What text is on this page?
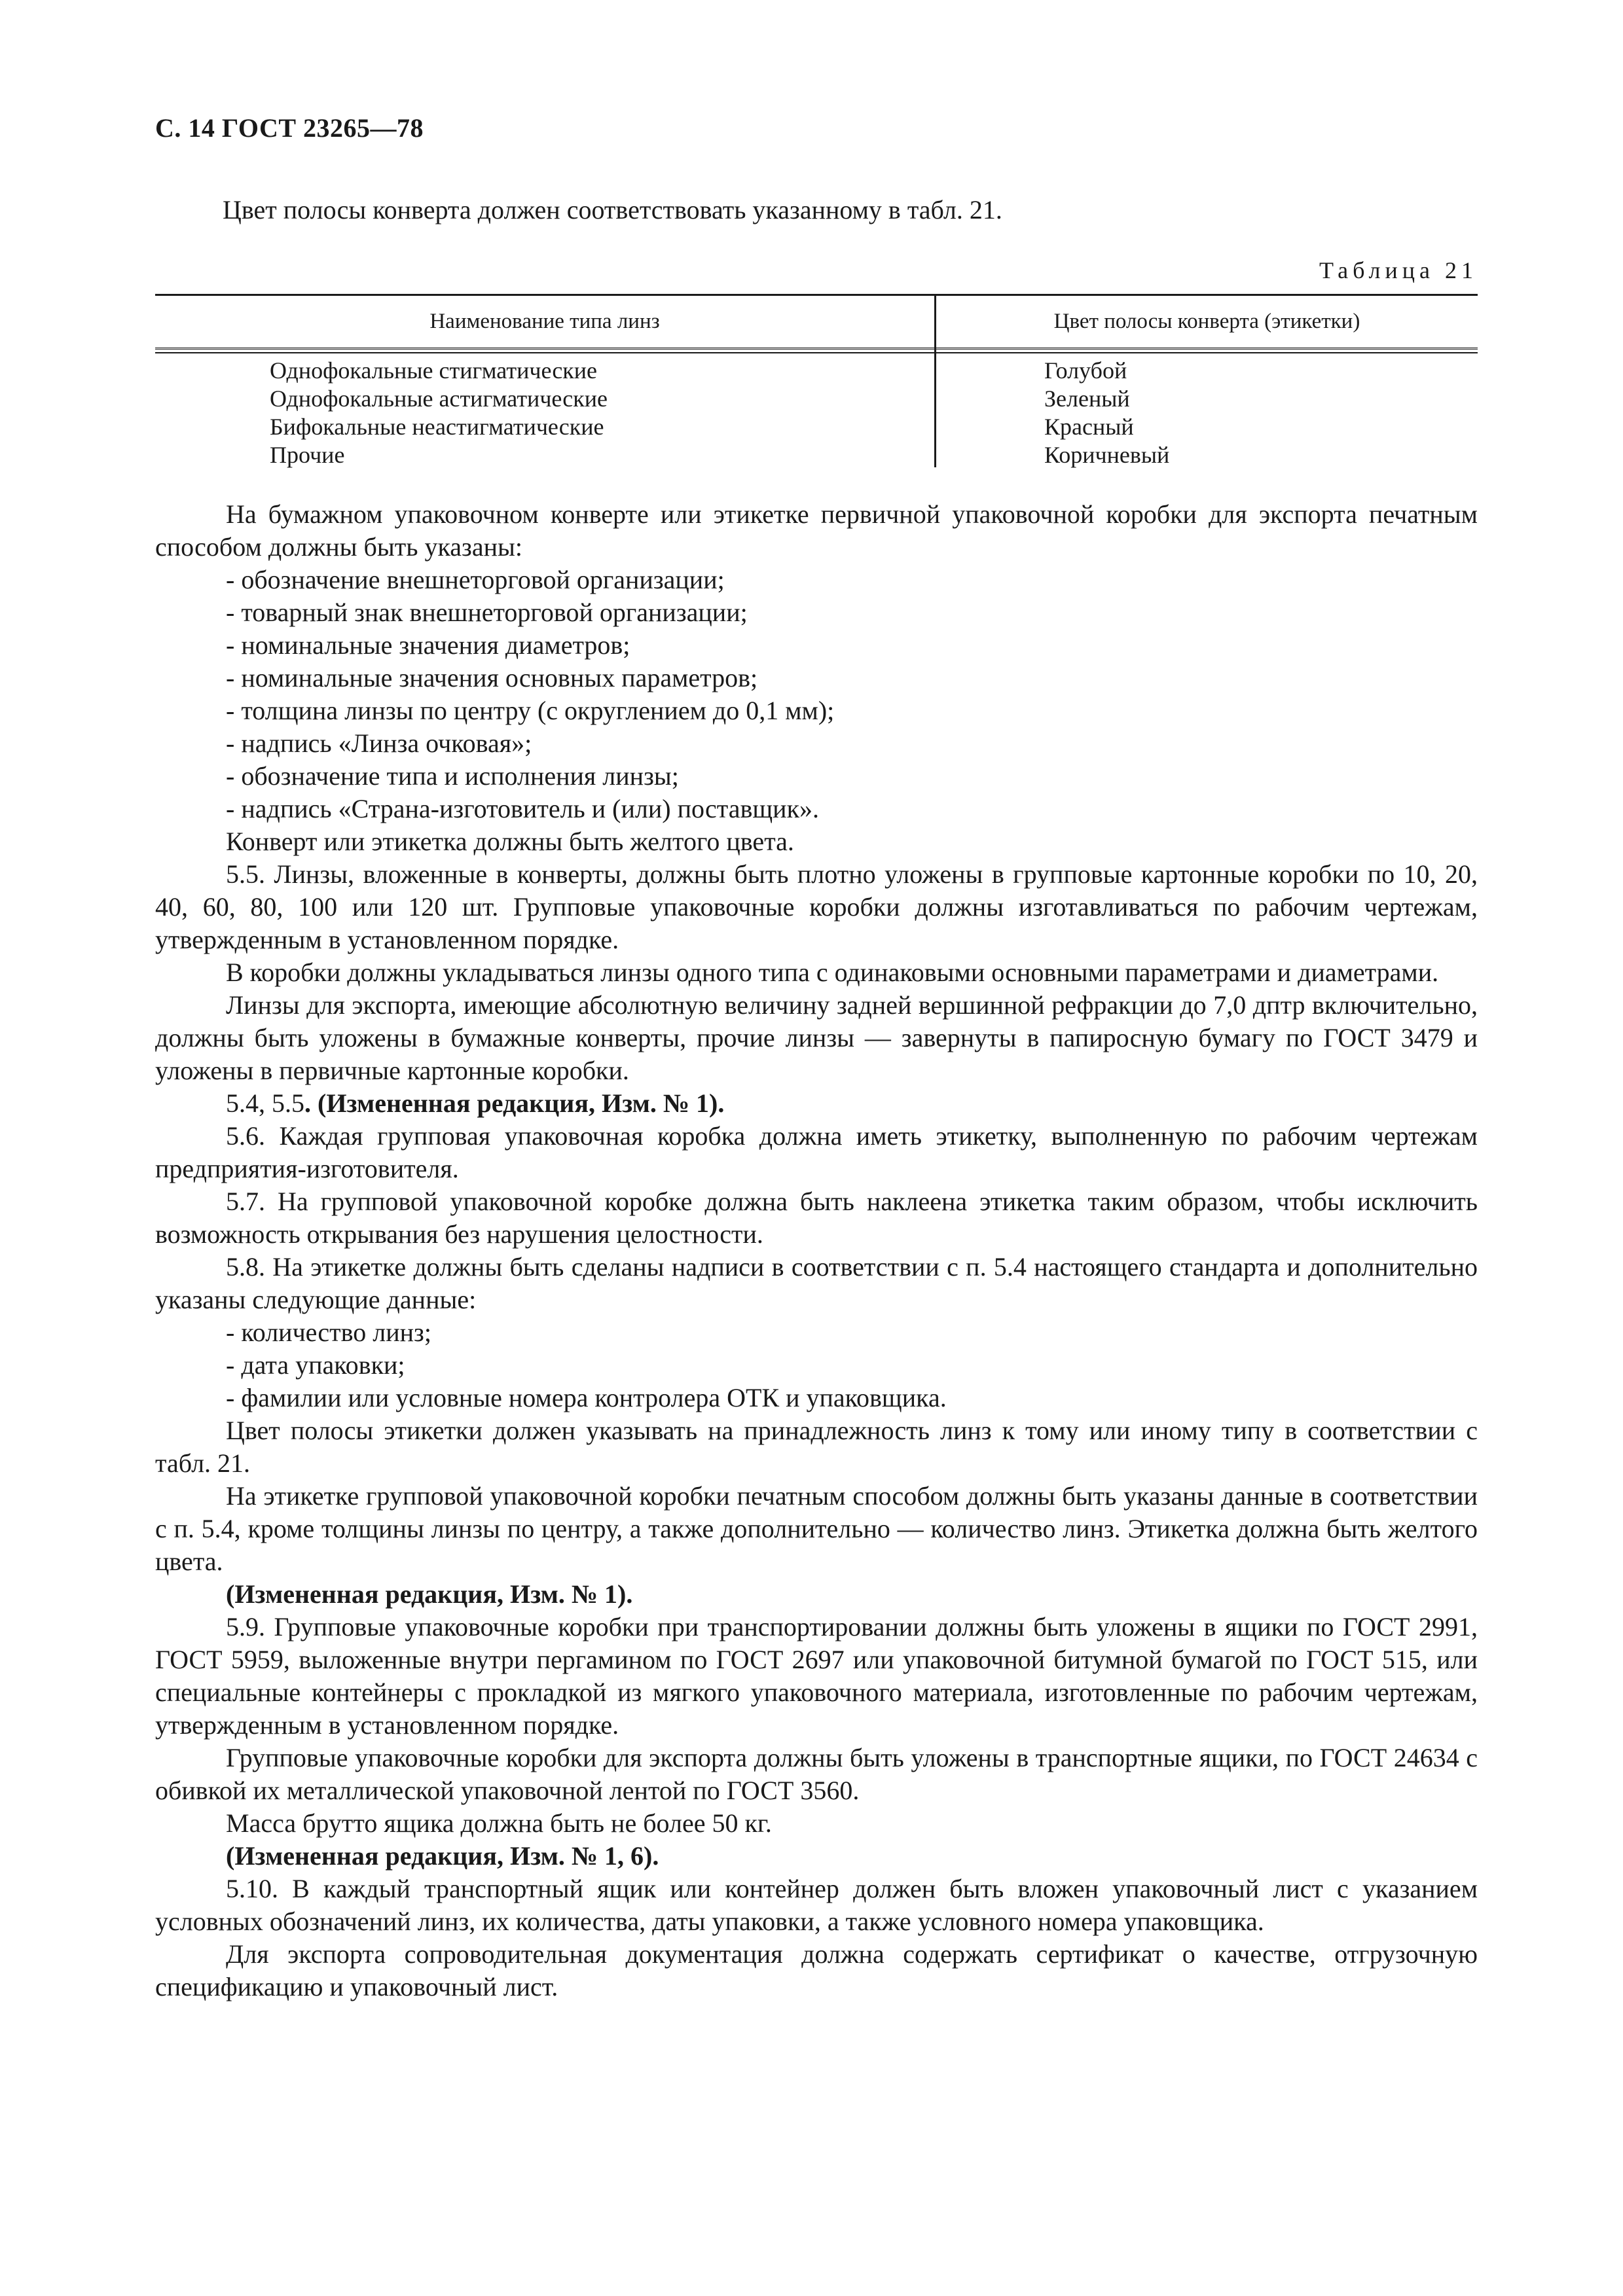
С. 14 ГОСТ 23265—78
Цвет полосы конверта должен соответствовать указанному в табл. 21.
Таблица 21
Наименование типа линз	Цвет полосы конверта (этикетки)
Однофокальные стигматические
Однофокальные астигматические
Бифокальные неастигматические
Прочие
Голубой
Зеленый
Красный
Коричневый

На бумажном упаковочном конверте или этикетке первичной упаковочной коробки для экспорта печатным способом должны быть указаны:

- обозначение внешнеторговой организации;

- товарный знак внешнеторговой организации;

- номинальные значения диаметров;

- номинальные значения основных параметров;

- толщина линзы по центру (с округлением до 0,1 мм);

- надпись «Линза очковая»;

- обозначение типа и исполнения линзы;

- надпись «Страна-изготовитель и (или) поставщик».

Конверт или этикетка должны быть желтого цвета.

5.5. Линзы, вложенные в конверты, должны быть плотно уложены в групповые картонные коробки по 10, 20, 40, 60, 80, 100 или 120 шт. Групповые упаковочные коробки должны изготавливаться по рабочим чертежам, утвержденным в установленном порядке.

В коробки должны укладываться линзы одного типа с одинаковыми основными параметрами и диаметрами.

Линзы для экспорта, имеющие абсолютную величину задней вершинной рефракции до 7,0 дптр включительно, должны быть уложены в бумажные конверты, прочие линзы — завернуты в папиросную бумагу по ГОСТ 3479 и уложены в первичные картонные коробки.

5.4, 5.5. (Измененная редакция, Изм. № 1).

5.6. Каждая групповая упаковочная коробка должна иметь этикетку, выполненную по рабочим чертежам предприятия-изготовителя.

5.7. На групповой упаковочной коробке должна быть наклеена этикетка таким образом, чтобы исключить возможность открывания без нарушения целостности.

5.8. На этикетке должны быть сделаны надписи в соответствии с п. 5.4 настоящего стандарта и дополнительно указаны следующие данные:

- количество линз;

- дата упаковки;

- фамилии или условные номера контролера ОТК и упаковщика.

Цвет полосы этикетки должен указывать на принадлежность линз к тому или иному типу в соответствии с табл. 21.

На этикетке групповой упаковочной коробки печатным способом должны быть указаны данные в соответствии с п. 5.4, кроме толщины линзы по центру, а также дополнительно — количество линз. Этикетка должна быть желтого цвета.

(Измененная редакция, Изм. № 1).

5.9. Групповые упаковочные коробки при транспортировании должны быть уложены в ящики по ГОСТ 2991, ГОСТ 5959, выложенные внутри пергамином по ГОСТ 2697 или упаковочной битумной бумагой по ГОСТ 515, или специальные контейнеры с прокладкой из мягкого упаковочного материала, изготовленные по рабочим чертежам, утвержденным в установленном порядке.

Групповые упаковочные коробки для экспорта должны быть уложены в транспортные ящики, по ГОСТ 24634 с обивкой их металлической упаковочной лентой по ГОСТ 3560.

Масса брутто ящика должна быть не более 50 кг.

(Измененная редакция, Изм. № 1, 6).

5.10. В каждый транспортный ящик или контейнер должен быть вложен упаковочный лист с указанием условных обозначений линз, их количества, даты упаковки, а также условного номера упаковщика.

Для экспорта сопроводительная документация должна содержать сертификат о качестве, отгрузочную спецификацию и упаковочный лист.
